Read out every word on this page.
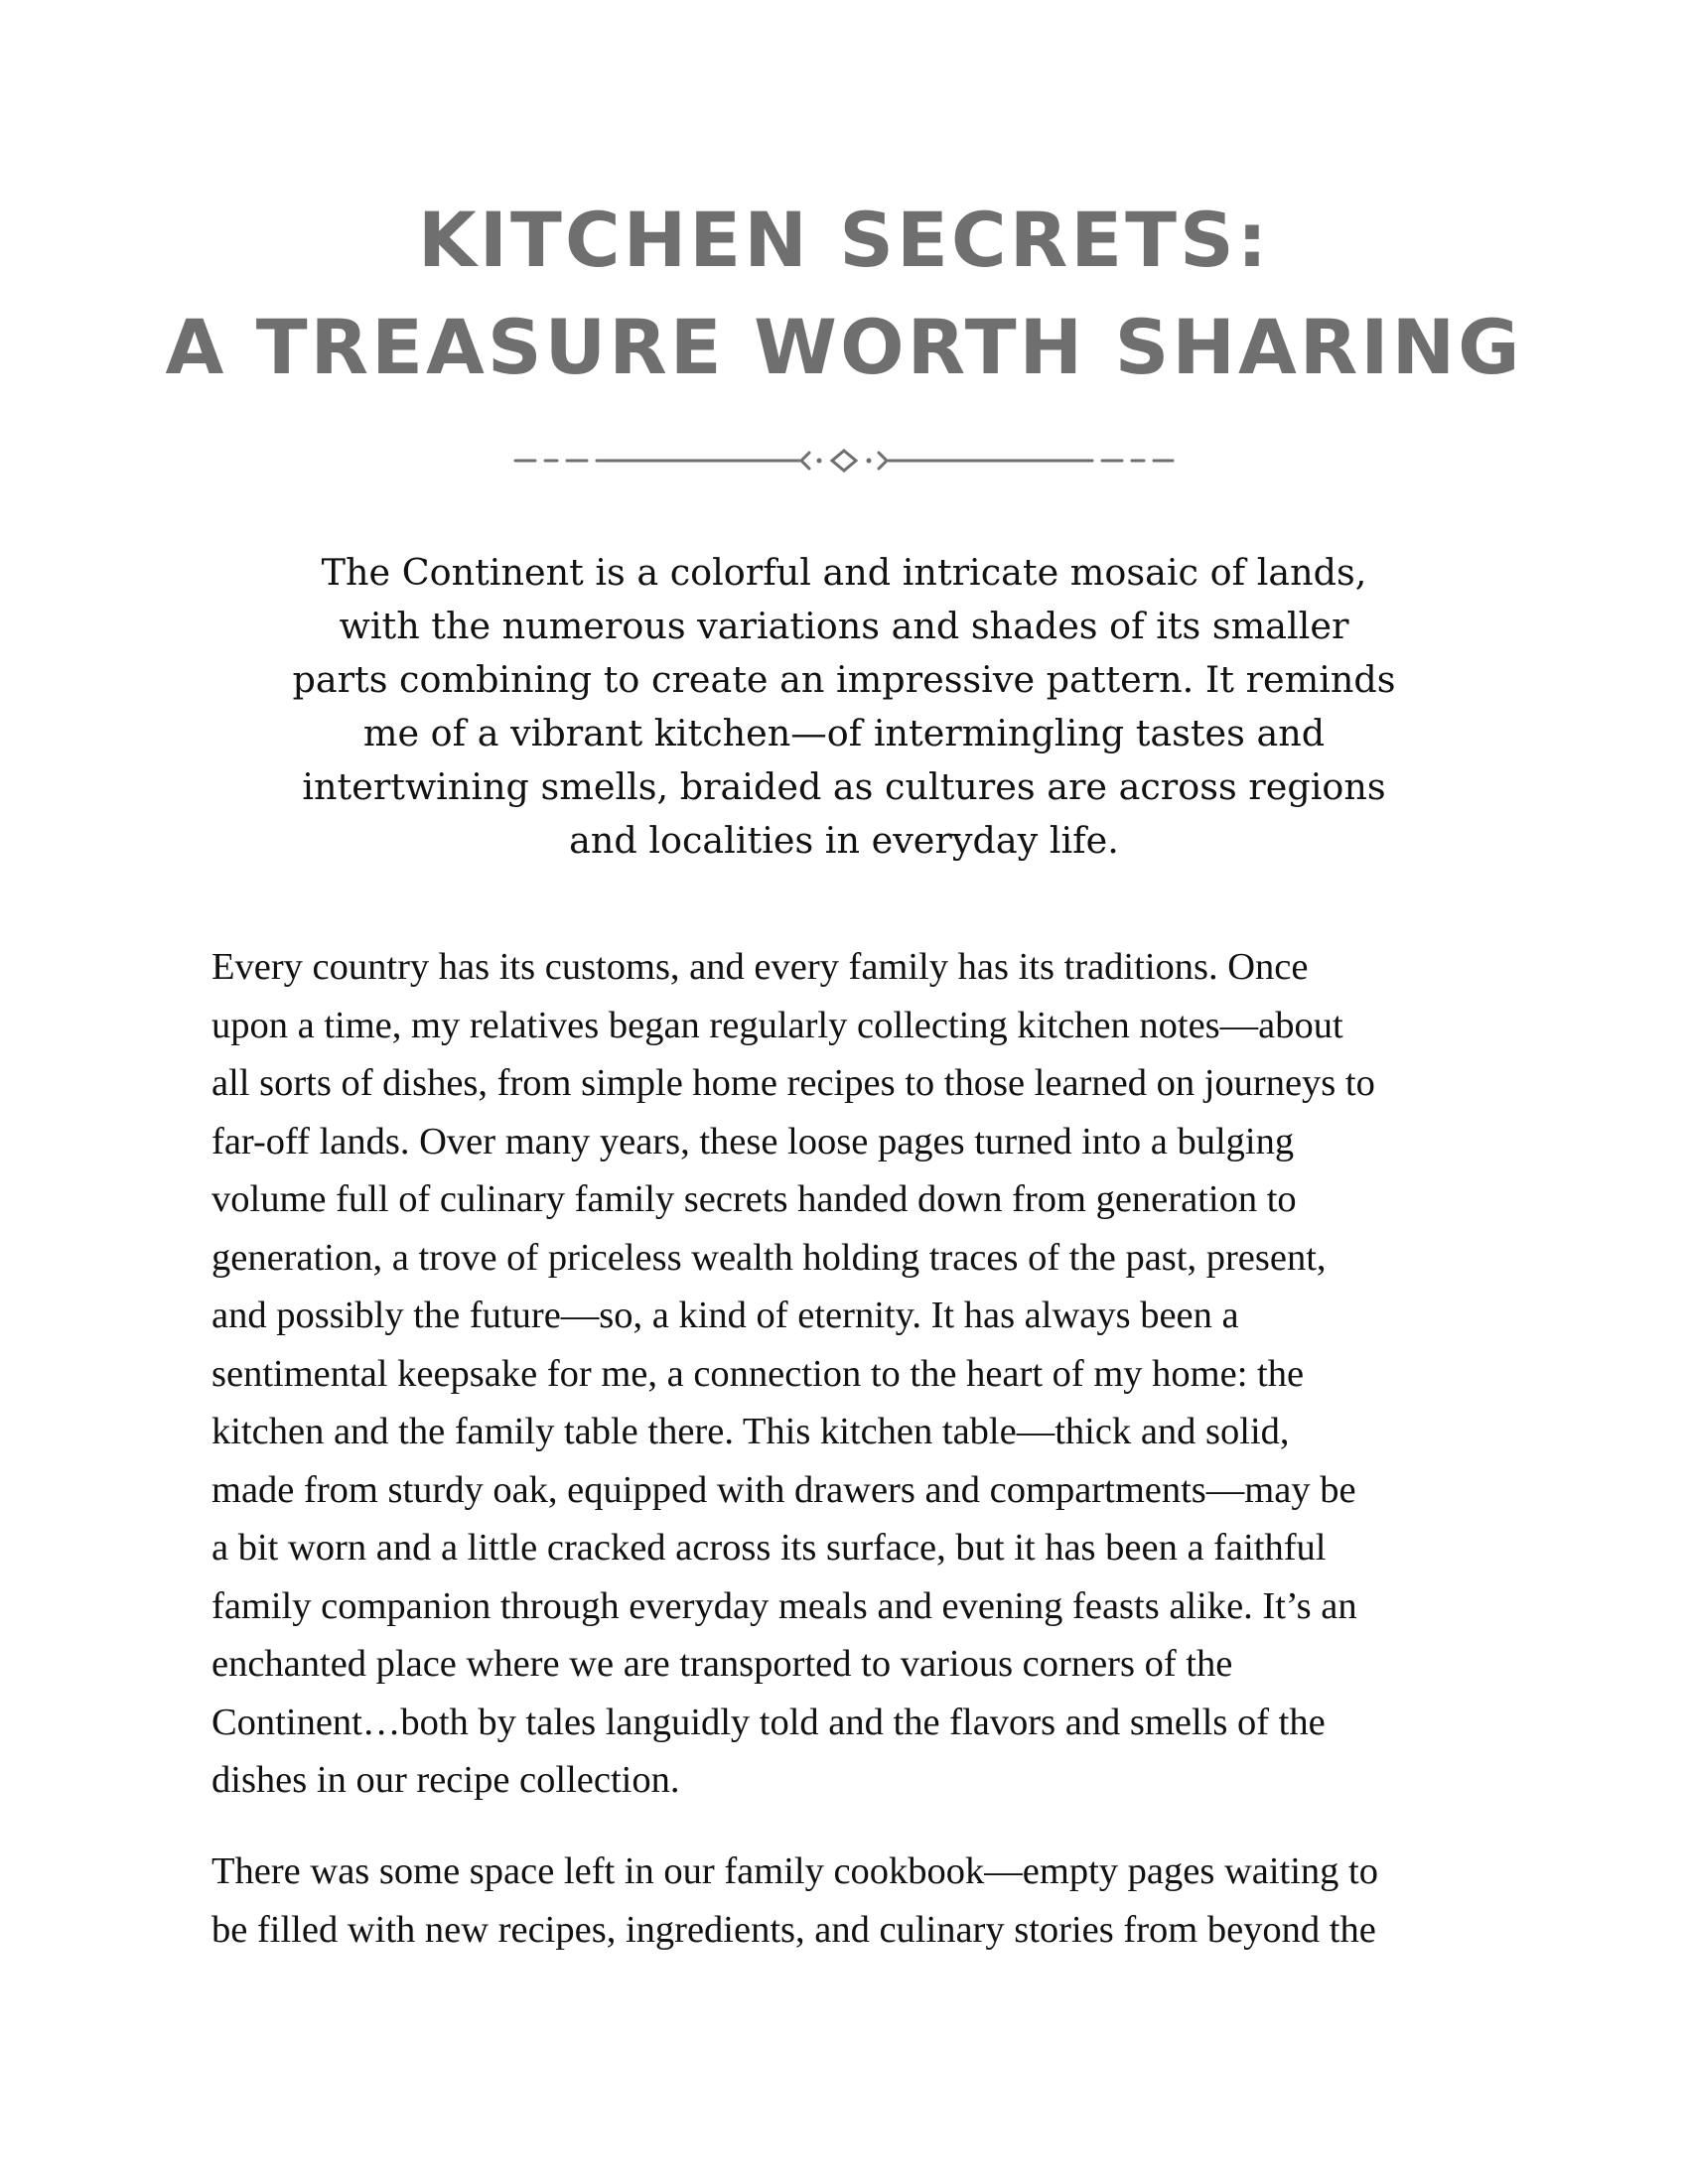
KITCHEN SECRETS:
A TREASURE WORTH SHARING

The Continent is a colorful and intricate mosaic of lands,
with the numerous variations and shades of its smaller
parts combining to create an impressive pattern. It reminds
me of a vibrant kitchen—of intermingling tastes and
intertwining smells, braided as cultures are across regions
and localities in everyday life.

Every country has its customs, and every family has its traditions. Once
upon a time, my relatives began regularly collecting kitchen notes—about
all sorts of dishes, from simple home recipes to those learned on journeys to
far-off lands. Over many years, these loose pages turned into a bulging
volume full of culinary family secrets handed down from generation to
generation, a trove of priceless wealth holding traces of the past, present,
and possibly the future—so, a kind of eternity. It has always been a
sentimental keepsake for me, a connection to the heart of my home: the
kitchen and the family table there. This kitchen table—thick and solid,
made from sturdy oak, equipped with drawers and compartments—may be
a bit worn and a little cracked across its surface, but it has been a faithful
family companion through everyday meals and evening feasts alike. It’s an
enchanted place where we are transported to various corners of the
Continent…both by tales languidly told and the flavors and smells of the
dishes in our recipe collection.

There was some space left in our family cookbook—empty pages waiting to
be filled with new recipes, ingredients, and culinary stories from beyond the
